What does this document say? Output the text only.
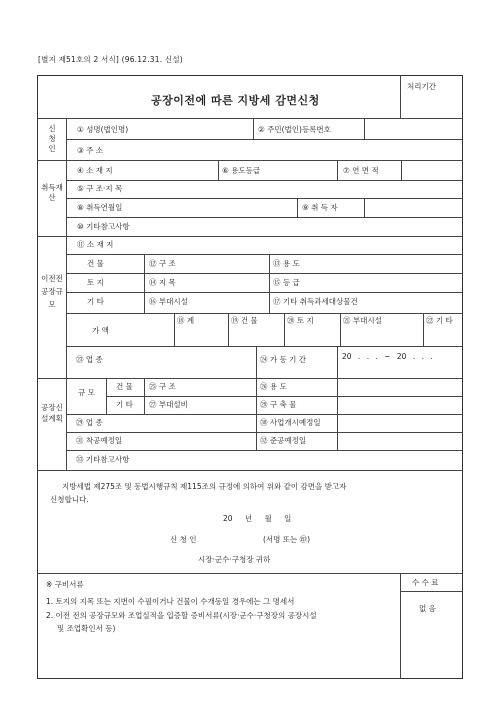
[별지 제51호의 2 서식] (96.12.31. 신설)
공장이전에 따른 지방세 감면신청
처리기간
신청인
① 성명(법인명)	② 주민(법인)등록번호
③ 주 소
취득재산
④ 소 재 지	⑥ 용도등급	⑦ 연 면 적
⑤ 구 조·지 목
⑧ 취득연월일	⑨ 취 득 자
⑩ 기타참고사항
이전전공장규모
⑪ 소 재 지
건 물	⑫ 구 조	⑬ 용 도
토 지	⑭ 지 목	⑮ 등 급
기 타	⑯ 부대시설	⑰ 기타 취득과세대상물건
가 액
⑱ 계	⑲ 건 물	⑳ 토 지	㉑ 부대시설	㉒ 기 타
㉓ 업 종	㉔ 가 동 기 간	20 . . . ~ 20 . . .
공장신설계획
규 모
건 물 ㉕ 구 조	㉖ 용 도
기 타 ㉗ 부대설비	㉘ 구 축 물
㉙ 업 종	㉚ 사업개시예정일
㉛ 착공예정일	㉜ 준공예정일
㉝ 기타참고사항
지방세법 제275조 및 동법시행규칙 제115조의 규정에 의하여 위와 같이 감면을 받고자
신청합니다.
20 년 월 일
신 청 인	(서명 또는 ㊞)
시장·군수·구청장 귀하
※ 구비서류
1. 토지의 지목 또는 지번이 수필이거나 건물이 수개동일 경우에는 그 명세서
2. 이전 전의 공장규모와 조업실적을 입증할 증비서류(시장·군수·구청장의 공장시설
및 조업확인서 등)
수 수 료
없 음
